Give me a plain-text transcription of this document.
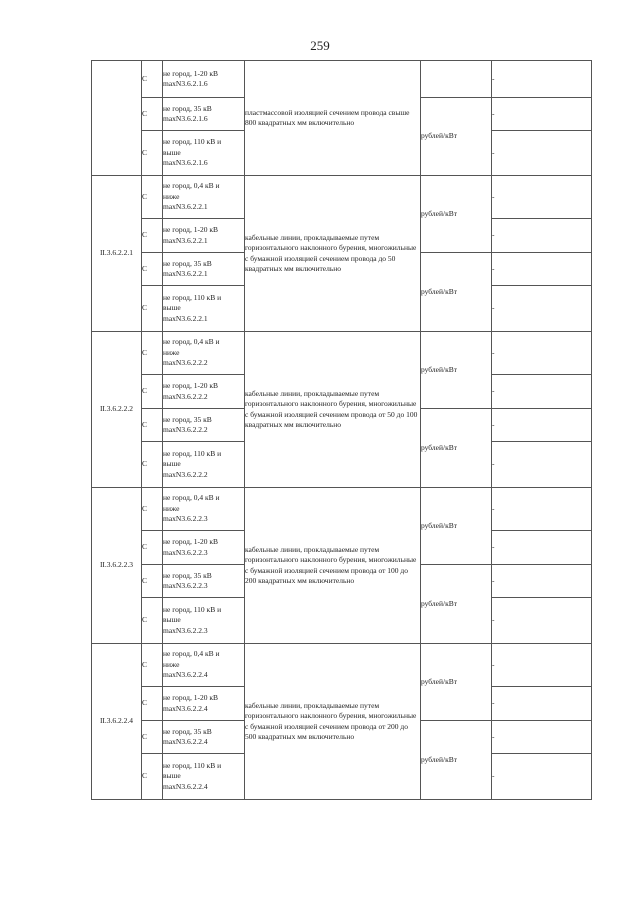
259
	С	не город, 1-20 кВ
maxN3.6.2.1.6	пластмассовой изоляцией сечением провода свыше 800 квадратных мм включительно		-
	С	не город, 35 кВ
maxN3.6.2.1.6		рублей/кВт	-
	С	не город, 110 кВ и
выше
maxN3.6.2.1.6			-
II.3.6.2.2.1	С	не город, 0,4 кВ и
ниже
maxN3.6.2.2.1	кабельные линии, прокладываемые путем горизонтального наклонного бурения, многожильные с бумажной изоляцией сечением провода до 50 квадратных мм включительно	рублей/кВт	-
	С	не город, 1-20 кВ
maxN3.6.2.2.1			-
	С	не город, 35 кВ
maxN3.6.2.2.1		рублей/кВт	-
	С	не город, 110 кВ и
выше
maxN3.6.2.2.1			-
II.3.6.2.2.2	С	не город, 0,4 кВ и
ниже
maxN3.6.2.2.2	кабельные линии, прокладываемые путем горизонтального наклонного бурения, многожильные с бумажной изоляцией сечением провода от 50 до 100 квадратных мм включительно	рублей/кВт	-
	С	не город, 1-20 кВ
maxN3.6.2.2.2			-
	С	не город, 35 кВ
maxN3.6.2.2.2		рублей/кВт	-
	С	не город, 110 кВ и
выше
maxN3.6.2.2.2			-
II.3.6.2.2.3	С	не город, 0,4 кВ и
ниже
maxN3.6.2.2.3	кабельные линии, прокладываемые путем горизонтального наклонного бурения, многожильные с бумажной изоляцией сечением провода от 100 до 200 квадратных мм включительно	рублей/кВт	-
	С	не город, 1-20 кВ
maxN3.6.2.2.3			-
	С	не город, 35 кВ
maxN3.6.2.2.3		рублей/кВт	-
	С	не город, 110 кВ и
выше
maxN3.6.2.2.3			-
II.3.6.2.2.4	С	не город, 0,4 кВ и
ниже
maxN3.6.2.2.4	кабельные линии, прокладываемые путем горизонтального наклонного бурения, многожильные с бумажной изоляцией сечением провода от 200 до 500 квадратных мм включительно	рублей/кВт	-
	С	не город, 1-20 кВ
maxN3.6.2.2.4			-
	С	не город, 35 кВ
maxN3.6.2.2.4		рублей/кВт	-
	С	не город, 110 кВ и
выше
maxN3.6.2.2.4			-
